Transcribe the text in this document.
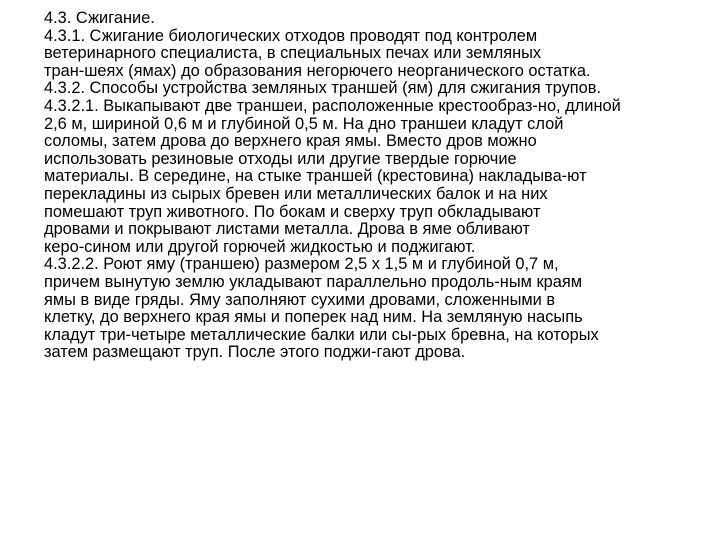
4.3. Сжигание.

4.3.1. Сжигание биологических отходов проводят под контролем
ветеринарного специалиста, в специальных печах или земляных
тран-шеях (ямах) до образования негорючего неорганического остатка.

4.3.2. Способы устройства земляных траншей (ям) для сжигания трупов.

4.3.2.1. Выкапывают две траншеи, расположенные крестообраз-но, длиной
2,6 м, шириной 0,6 м и глубиной 0,5 м. На дно траншеи кладут слой
соломы, затем дрова до верхнего края ямы. Вместо дров можно
использовать резиновые отходы или другие твердые горючие
материалы. В середине, на стыке траншей (крестовина) накладыва-ют
перекладины из сырых бревен или металлических балок и на них
помешают труп животного. По бокам и сверху труп обкладывают
дровами и покрывают листами металла. Дрова в яме обливают
керо-сином или другой горючей жидкостью и поджигают.

4.3.2.2. Роют яму (траншею) размером 2,5 х 1,5 м и глубиной 0,7 м,
причем вынутую землю укладывают параллельно продоль-ным краям
ямы в виде гряды. Яму заполняют сухими дровами, сложенными в
клетку, до верхнего края ямы и поперек над ним. На земляную насыпь
кладут три-четыре металлические балки или сы-рых бревна, на которых
затем размещают труп. После этого поджи-гают дрова.
